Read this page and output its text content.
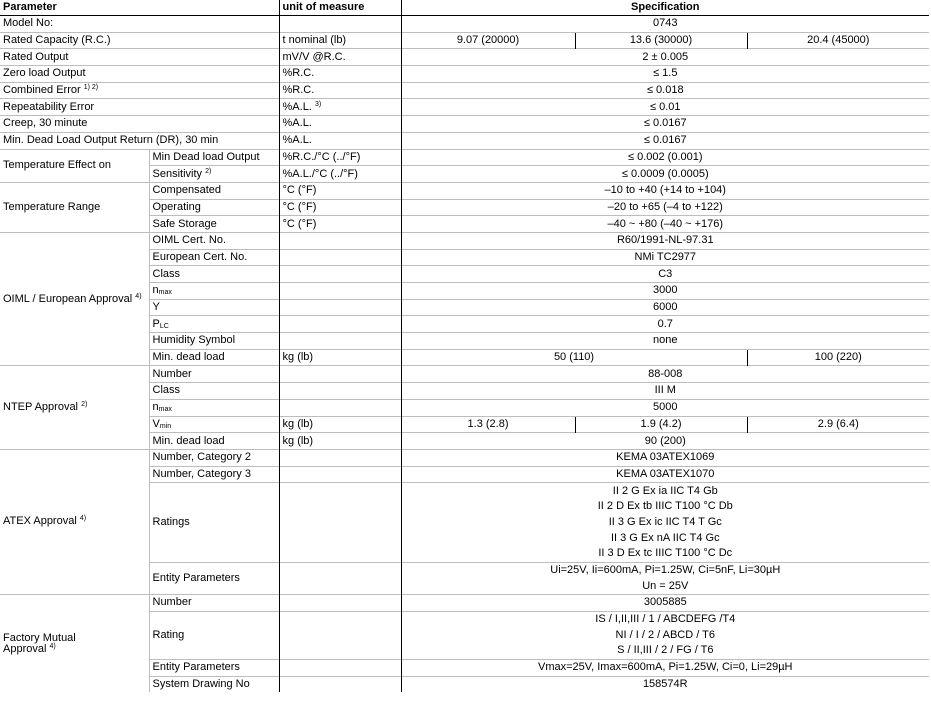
Parameter		unit of measure	Specification		
Model No:			0743		
Rated Capacity (R.C.)		t nominal (lb)	9.07 (20000)	13.6 (30000)	20.4 (45000)
Rated Output		mV/V @R.C.	2 ± 0.005		
Zero load Output		%R.C.	≤ 1.5		
Combined Error $^{1) 2)}$		%R.C.	≤ 0.018		
Repeatability Error		%A.L. $^{3)}$	≤ 0.01		
Creep, 30 minute		%A.L.	≤ 0.0167		
Min. Dead Load Output Return (DR), 30 min		%A.L.	≤ 0.0167		
Temperature Effect on	Min Dead load Output	%R.C./°C (../°F)	≤ 0.002 (0.001)		
	Sensitivity $^{2)}$	%A.L./°C (../°F)	≤ 0.0009 (0.0005)		
Temperature Range	Compensated	°C (°F)	–10 to +40 (+14 to +104)		
	Operating	°C (°F)	–20 to +65 (–4 to +122)		
	Safe Storage	°C (°F)	–40 ~ +80 (–40 ~ +176)		
OIML / European Approval $^{4)}$	OIML Cert. No.		R60/1991-NL-97.31		
	European Cert. No.		NMi TC2977		
	Class		C3		
	$n_{max}$		3000		
	Y		6000		
	$P_{LC}$		0.7		
	Humidity Symbol		none		
	Min. dead load	kg (lb)	50 (110)		100 (220)
NTEP Approval $^{2)}$	Number		88-008		
	Class		III M		
	$n_{max}$		5000		
	$V_{min}$	kg (lb)	1.3 (2.8)	1.9 (4.2)	2.9 (6.4)
	Min. dead load	kg (lb)	90 (200)		
ATEX Approval $^{4)}$	Number, Category 2		KEMA 03ATEX1069		
	Number, Category 3		KEMA 03ATEX1070		
	Ratings		II 2 G Ex ia IIC T4 Gb		
			II 2 D Ex tb IIIC T100 °C Db		
			II 3 G Ex ic IIC T4 T Gc		
			II 3 G Ex nA IIC T4 Gc		
			II 3 D Ex tc IIIC T100 °C Dc		
	Entity Parameters		Ui=25V, Ii=600mA, Pi=1.25W, Ci=5nF, Li=30µH		
			Un = 25V		
Factory Mutual
Approval $^{4)}$	Number		3005885		
	Rating		IS / I,II,III / 1 / ABCDEFG /T4		
			NI / I / 2 / ABCD / T6		
			S / II,III / 2 / FG / T6		
	Entity Parameters		Vmax=25V, Imax=600mA, Pi=1.25W, Ci=0, Li=29µH		
	System Drawing No		158574R		
